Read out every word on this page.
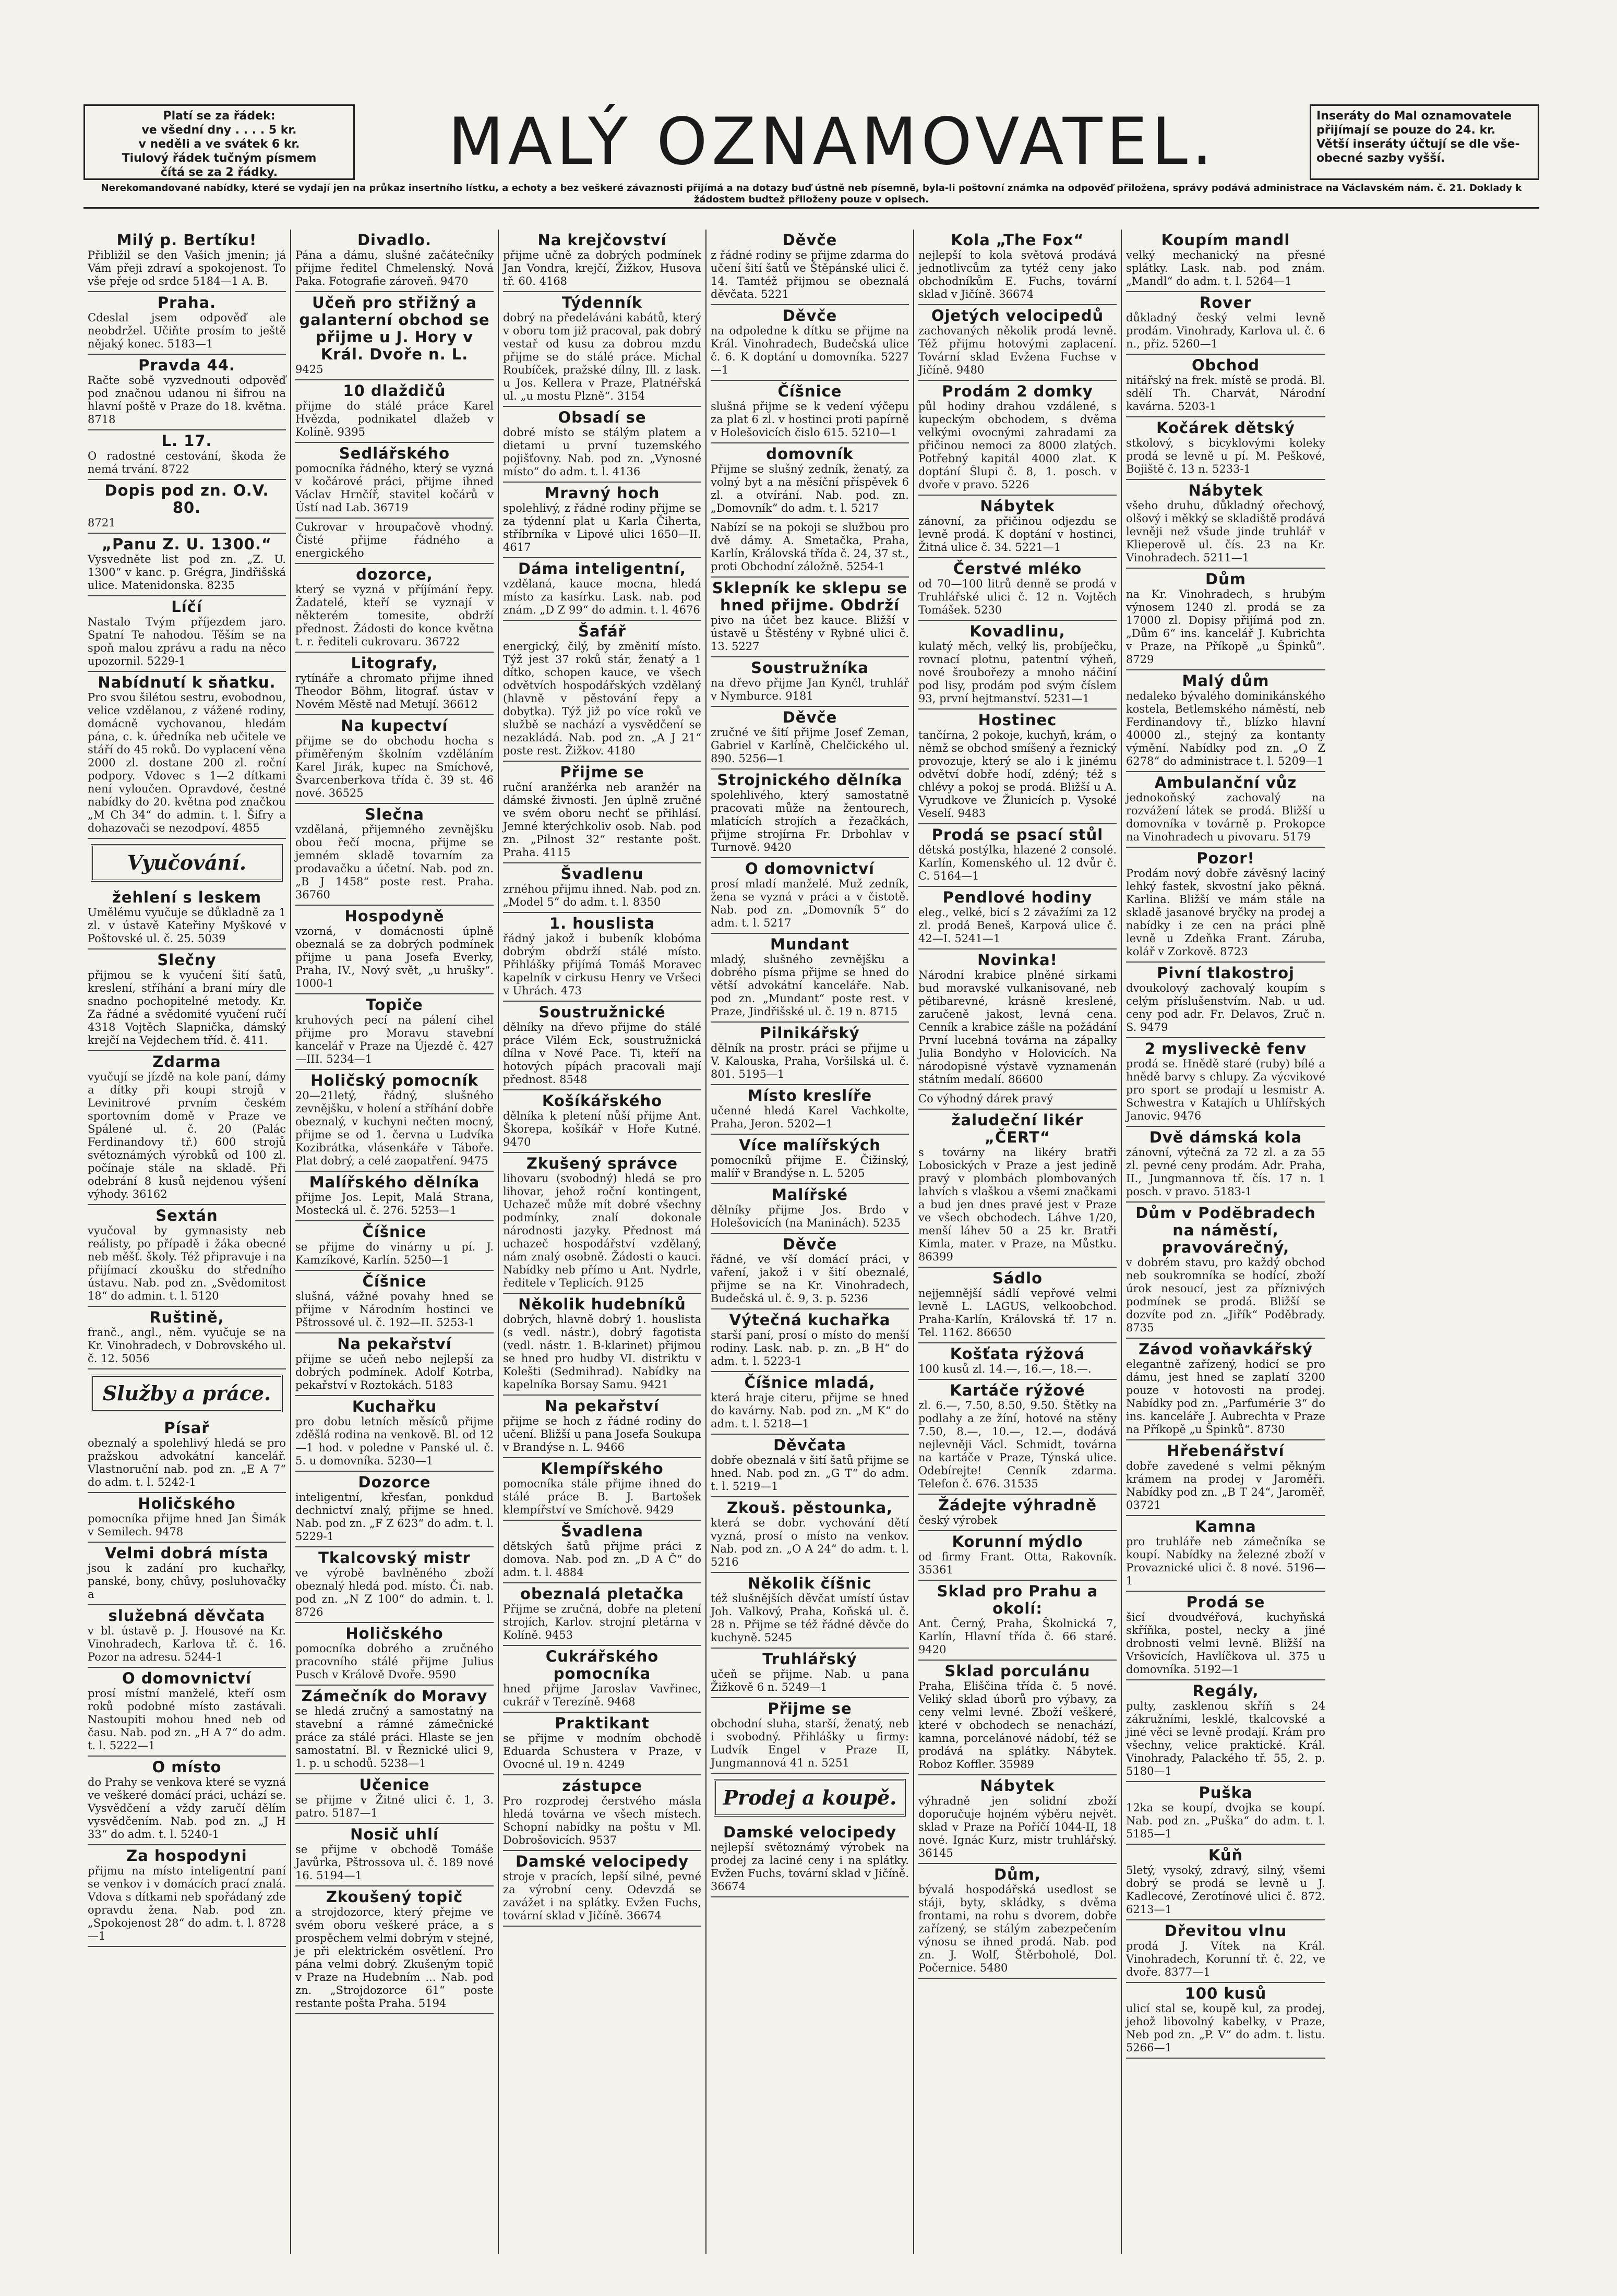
Platí se za řádek:
ve všední dny . . . . 5 kr.
v neděli a ve svátek 6 kr.
Tiulový řádek tučným písmem
čítá se za 2 řádky.	MALÝ OZNAMOVATEL.	Inseráty do Mal oznamovatele
přijímají se pouze do 24. kr.
Větší inseráty účtují se dle vše-
obecné sazby vyšší.
Nerekomandované nabídky, které se vydají jen na průkaz insertního lístku, a echoty a bez veškeré závaznosti přijímá a na dotazy buď ústně neb písemně, byla-li poštovní známka na odpověď přiložena, správy podává administrace na Václavském nám. č. 21. Doklady k žádostem budtež přiloženy pouze v opisech.
Milý p. Bertíku!
Přibližil se den Vašich jmenin; já Vám přeji zdraví a spokojenost. To vše přeje od srdce 5184—1 A. B.
Praha.
Cdeslal jsem odpověď ale neobdržel. Učiňte prosím to ještě nějaký konec. 5183—1
Pravda 44.
Račte sobě vyzvednouti odpověď pod značnou udanou ni šifrou na hlavní poště v Praze do 18. května. 8718
L. 17.
O radostné cestování, škoda že nemá trvání. 8722
Dopis pod zn. O.V. 80.
8721
„Panu Z. U. 1300.“
Vysvedněte list pod zn. „Z. U. 1300“ v kanc. p. Grégra, Jindřišská ulice. Matenidonska. 8235
Líčí
Nastalo Tvým příjezdem jaro. Spatní Te nahodou. Těším se na spoň malou zprávu a radu na něco upozornil. 5229-1
Nabídnutí k sňatku.
Pro svou šilétou sestru, evobodnou, velice vzdělanou, z vážené rodiny, domácně vychovanou, hledám pána, c. k. úředníka neb učitele ve stáří do 45 roků. Do vyplacení věna 2000 zl. dostane 200 zl. roční podpory. Vdovec s 1—2 dítkami není vyloučen. Opravdové, čestné nabídky do 20. května pod značkou „M Ch 34“ do admin. t. l. Šifry a dohazovači se nezodpoví. 4855
Vyučování.
žehlení s leskem
Umělému vyučuje se důkladně za 1 zl. v ústavě Kateřiny Myškové v Poštovské ul. č. 25. 5039
Slečny
přijmou se k vyučení šití šatů, kreslení, stříhání a braní míry dle snadno pochopitelné metody. Kr. Za řádné a svědomité vyučení ručí 4318 Vojtěch Slapnička, dámský krejčí na Vejdechem tříd. č. 411.
Zdarma
vyučují se jízdě na kole paní, dámy a dítky při koupi strojů v Levinitrové prvním českém sportovním domě v Praze ve Spálené ul. č. 20 (Palác Ferdinandovy tř.) 600 strojů světoznámých výrobků od 100 zl. počínaje stále na skladě. Při odebrání 8 kusů nejdenou výšení výhody. 36162
Sextán
vyučoval by gymnasisty neb reálisty, po případě i žáka obecné neb měšť. školy. Též připravuje i na přijímací zkoušku do středního ústavu. Nab. pod zn. „Svědomitost 18“ do admin. t. l. 5120
Ruštině,
franč., angl., něm. vyučuje se na Kr. Vinohradech, v Dobrovského ul. č. 12. 5056
Služby a práce.
Písař
obeznalý a spolehlivý hledá se pro pražskou advokátní kancelář. Vlastnoruční nab. pod zn. „E A 7“ do adm. t. l. 5242-1
Holičského
pomocníka přijme hned Jan Šimák v Semilech. 9478
Velmi dobrá místa
jsou k zadání pro kuchařky, panské, bony, chůvy, posluhovačky a
služebná děvčata
v bl. ústavě p. J. Housové na Kr. Vinohradech, Karlova tř. č. 16. Pozor na adresu. 5244-1
O domovnictví
prosí místní manželé, kteří osm roků podobné místo zastávali. Nastoupiti mohou hned neb od času. Nab. pod zn. „H A 7“ do adm. t. l. 5222—1
O místo
do Prahy se venkova které se vyzná ve veškeré domácí práci, uchází se. Vysvědčení a vždy zaručí dělím vysvědčením. Nab. pod zn. „J H 33“ do adm. t. l. 5240-1
Za hospodyni
přijmu na místo inteligentní paní se venkov i v domácích prací znalá. Vdova s dítkami neb spořádaný zde opravdu žena. Nab. pod zn. „Spokojenost 28“ do adm. t. l. 8728—1
Divadlo.
Pána a dámu, slušné začátečníky přijme ředitel Chmelenský. Nová Paka. Fotografie zároveň. 9470
Učeň pro střižný a galanterní obchod se přijme u J. Hory v Král. Dvoře n. L.
9425
10 dlaždičů
přijme do stálé práce Karel Hvězda, podnikatel dlažeb v Kolíně. 9395
Sedlářského
pomocníka řádného, který se vyzná v kočárové práci, přijme ihned Václav Hrnčíř, stavitel kočárů v Ústí nad Lab. 36719
Cukrovar v hroupačově vhodný. Čisté přijme řádného a energického
dozorce,
který se vyzná v příjímání řepy. Žadatelé, kteří se vyznají v některém tomesite, obdrží přednost. Žádosti do konce května t. r. řediteli cukrovaru. 36722
Litografy,
rytínáře a chromato přijme ihned Theodor Böhm, litograf. ústav v Novém Městě nad Metují. 36612
Na kupectví
přijme se do obchodu hocha s přiměřeným školním vzděláním Karel Jirák, kupec na Smíchově, Švarcenberkova třída č. 39 st. 46 nové. 36525
Slečna
vzdělaná, přijemného zevnějšku obou řečí mocna, přijme se jemném skladě tovarním za prodavačku a účetní. Nab. pod zn. „B J 1458“ poste rest. Praha. 36760
Hospodyně
vzorná, v domácnosti úplně obeznalá se za dobrých podmínek přijme u pana Josefa Everky, Praha, IV., Nový svět, „u hrušky“. 1000-1
Topiče
kruhových pecí na pálení cihel přijme pro Moravu stavební kancelář v Praze na Újezdě č. 427—III. 5234—1
Holičský pomocník
20—21letý, řádný, slušného zevnějšku, v holení a stříhání dobře obeznalý, v kuchyni nečten mocný, přijme se od 1. června u Ludvíka Kozibrátka, vlásenkáře v Táboře. Plat dobrý, a celé zaopatření. 9475
Malířského dělníka
přijme Jos. Lepit, Malá Strana, Mostecká ul. č. 276. 5253—1
Číšnice
se přijme do vinárny u pí. J. Kamzíkové, Karlín. 5250—1
Číšnice
slušná, vážné povahy hned se přijme v Národním hostinci ve Pštrossové ul. č. 192—II. 5253-1
Na pekařství
přijme se učeň nebo nejlepší za dobrých podmínek. Adolf Kotrba, pekařství v Roztokách. 5183
Kuchařku
pro dobu letních měsíců přijme zděšlá rodina na venkově. Bl. od 12—1 hod. v poledne v Panské ul. č. 5. u domovníka. 5230—1
Dozorce
inteligentní, křesťan, ponkdud dechnictví znalý, přijme se hned. Nab. pod zn. „F Z 623“ do adm. t. l. 5229-1
Tkalcovský mistr
ve výrobě bavlněného zboží obeznalý hledá pod. místo. Či. nab. pod zn. „N Z 100“ do admin. t. l. 8726
Holičského
pomocníka dobrého a zručného pracovního stálé přijme Julius Pusch v Králově Dvoře. 9590
Zámečník do Moravy
se hledá zručný a samostatný na stavební a rámné zámečnické práce za stálé práci. Hlaste se jen samostatní. Bl. v Řeznické ulici 9, 1. p. u schodů. 5238—1
Učenice
se přijme v Žitné ulici č. 1, 3. patro. 5187—1
Nosič uhlí
se přijme v obchodě Tomáše Javůrka, Pštrossova ul. č. 189 nové 16. 5194—1
Zkoušený topič
a strojdozorce, který přejme ve svém oboru veškeré práce, a s prospěchem velmi dobrým v stejné, je při elektrickém osvětlení. Pro pána velmi dobrý. Zkušeným topič v Praze na Hudebním ... Nab. pod zn. „Strojdozorce 61“ poste restante pošta Praha. 5194
Na krejčovství
přijme učně za dobrých podmínek Jan Vondra, krejčí, Žižkov, Husova tř. 60. 4168
Týdenník
dobrý na předeláváni kabátů, který v oboru tom již pracoval, pak dobrý vestař od kusu za dobrou mzdu přijme se do stálé práce. Michal Roubíček, pražské dílny, Ill. z lask. u Jos. Kellera v Praze, Platnéřská ul. „u mostu Plzně“. 3154
Obsadí se
dobré místo se stálým platem a dietami u první tuzemského pojišťovny. Nab. pod zn. „Vynosné místo“ do adm. t. l. 4136
Mravný hoch
spolehlivý, z řádné rodiny přijme se za týdenní plat u Karla Čiherta, stříbrníka v Lipové ulici 1650—II. 4617
Dáma inteligentní,
vzdělaná, kauce mocna, hledá místo za kasírku. Lask. nab. pod znám. „D Z 99“ do admin. t. l. 4676
Šafář
energický, čilý, by změnití místo. Týž jest 37 roků stár, ženatý a 1 dítko, schopen kauce, ve všech odvětvích hospodářských vzdělaný (hlavně v pěstování řepy a dobytka). Týž již po více roků ve službě se nachází a vysvědčení se nezakládá. Nab. pod zn. „A J 21“ poste rest. Žižkov. 4180
Přijme se
ruční aranžérka neb aranžér na dámské živnosti. Jen úplně zručné ve svém oboru nechť se přihlásí. Jemné kterýchkoliv osob. Nab. pod zn. „Pilnost 32“ restante pošt. Praha. 4115
Švadlenu
zrnéhou přijmu ihned. Nab. pod zn. „Model 5“ do adm. t. l. 8350
1. houslista
řádný jakož i bubeník klobóma dobrým obdrží stálé místo. Přihlášky přijímá Tomáš Moravec kapelník v cirkusu Henry ve Vršeci v Uhrách. 473
Soustružnické
dělníky na dřevo přijme do stálé práce Vilém Eck, soustružnická dílna v Nové Pace. Ti, kteří na hotových pípách pracovali mají přednost. 8548
Košíkářského
dělníka k pletení nůší přijme Ant. Škorepa, košíkář v Hoře Kutné. 9470
Zkušený správce
lihovaru (svobodný) hledá se pro lihovar, jehož roční kontingent, Uchazeč může mít dobré všechny podmínky, znalí dokonale národnosti jazyky. Přednost má uchazeč hospodářství vzdělaný, nám znalý osobně. Žádosti o kauci. Nabídky neb přímo u Ant. Nydrle, ředitele v Teplicích. 9125
Několik hudebníků
dobrých, hlavně dobrý 1. houslista (s vedl. nástr.), dobrý fagotista (vedl. nástr. 1. B-klarinet) přijmou se hned pro hudby VI. distriktu v Kolešti (Sedmihrad). Nabídky na kapelníka Borsay Samu. 9421
Na pekařství
přijme se hoch z řádné rodiny do učení. Bližší u pana Josefa Soukupa v Brandýse n. L. 9466
Klempířského
pomocníka stále přijme ihned do stálé práce B. J. Bartošek klempířství ve Smíchově. 9429
Švadlena
dětských šatů přijme práci z domova. Nab. pod zn. „D A Č“ do adm. t. l. 4884
obeznalá pletačka
Přijme se zručná, dobře na pletení strojích, Karlov. strojní pletárna v Kolíně. 9453
Cukrářského pomocníka
hned přijme Jaroslav Vavřinec, cukrář v Terezíně. 9468
Praktikant
se přijme v modním obchodě Eduarda Schustera v Praze, v Ovocné ul. 19 n. 4249
zástupce
Pro rozprodej čerstvého másla hledá továrna ve všech místech. Schopní nabídky na poštu v Ml. Dobrošovicích. 9537
Damské velocipedy
stroje v pracích, lepší silné, pevné za výrobní ceny. Odevzdá se zavážet i na splátky. Evžen Fuchs, tovární sklad v Jičíně. 36674
Děvče
z řádné rodiny se přijme zdarma do učení šití šatů ve Štěpánské ulici č. 14. Tamtéž přijmou se obeznalá děvčata. 5221
Děvče
na odpoledne k dítku se přijme na Král. Vinohradech, Budečská ulice č. 6. K doptání u domovníka. 5227—1
Číšnice
slušná přijme se k vedení výčepu za plat 6 zl. v hostinci proti papírně v Holešovicích čislo 615. 5210—1
domovník
Přijme se slušný zedník, ženatý, za volný byt a na měsíční příspěvek 6 zl. a otvírání. Nab. pod. zn. „Domovník“ do adm. t. l. 5217
Nabízí se na pokoji se službou pro dvě dámy. A. Smetačka, Praha, Karlín, Královská třída č. 24, 37 st., proti Obchodní záložně. 5254-1
Sklepník ke sklepu se hned přijme. Obdrží
pivo na účet bez kauce. Bližší v ústavě u Štěstény v Rybné ulici č. 13. 5227
Soustružníka
na dřevo přijme Jan Kynčl, truhlář v Nymburce. 9181
Děvče
zručné ve šití přijme Josef Zeman, Gabriel v Karlíně, Chelčického ul. 890. 5256—1
Strojnického dělníka
spolehlivého, který samostatně pracovati může na žentourech, mlatících strojích a řezačkách, přijme strojírna Fr. Drbohlav v Turnově. 9420
O domovnictví
prosí mladí manželé. Muž zedník, žena se vyzná v práci a v čistotě. Nab. pod zn. „Domovník 5“ do adm. t. l. 5217
Mundant
mladý, slušného zevnějšku a dobrého písma přijme se hned do větší advokátní kanceláře. Nab. pod zn. „Mundant“ poste rest. v Praze, Jindřišské ul. č. 19 n. 8715
Pilnikářský
dělník na prostr. práci se přijme u V. Kalouska, Praha, Voršilská ul. č. 801. 5195—1
Místo kreslíře
učenné hledá Karel Vachkolte, Praha, Jeron. 5202—1
Více malířských
pomocníků přijme E. Čižinský, malíř v Brandýse n. L. 5205
Malířské
dělníky přijme Jos. Brdo v Holešovicích (na Maninách). 5235
Děvče
řádné, ve vší domácí práci, v vaření, jakož i v šití obeznalé, přijme se na Kr. Vinohradech, Budečská ul. č. 9, 3. p. 5236
Výtečná kuchařka
starší paní, prosí o místo do menší rodiny. Lask. nab. p. zn. „B H“ do adm. t. l. 5223-1
Číšnice mladá,
která hraje citeru, přijme se hned do kavárny. Nab. pod zn. „M K“ do adm. t. l. 5218—1
Děvčata
dobře obeznalá v šití šatů přijme se hned. Nab. pod zn. „G T“ do adm. t. l. 5219—1
Zkouš. pěstounka,
která se dobr. vychování dětí vyzná, prosí o místo na venkov. Nab. pod zn. „O A 24“ do adm. t. l. 5216
Několik číšnic
též slušnějších děvčat umístí ústav Joh. Valkový, Praha, Koňská ul. č. 28 n. Přijme se též řádné děvče do kuchyně. 5245
Truhlářský
učeň se přijme. Nab. u pana Žižkově 6 n. 5249—1
Přijme se
obchodní sluha, starší, ženatý, neb i svobodný. Přihlášky u firmy: Ludvík Engel v Praze II, Jungmannová 41 n. 5251
Prodej a koupě.
Damské velocipedy
nejlepší světoznámý výrobek na prodej za laciné ceny i na splátky. Evžen Fuchs, tovární sklad v Jičíně. 36674
Kola „The Fox“
nejlepší to kola světová prodává jednotlivcům za tytéž ceny jako obchodníkům E. Fuchs, tovární sklad v Jičíně. 36674
Ojetých velocipedů
zachovaných několik prodá levně. Též přijmu hotovými zaplacení. Tovární sklad Evžena Fuchse v Jičíně. 9480
Prodám 2 domky
půl hodiny drahou vzdálené, s kupeckým obchodem, s dvěma velkými ovocnými zahradami za přičinou nemoci za 8000 zlatých. Potřebný kapitál 4000 zlat. K doptání Šlupi č. 8, 1. posch. v dvoře v pravo. 5226
Nábytek
zánovní, za přičinou odjezdu se levně prodá. K doptání v hostinci, Žitná ulice č. 34. 5221—1
Čerstvé mléko
od 70—100 litrů denně se prodá v Truhlářské ulici č. 12 n. Vojtěch Tomášek. 5230
Kovadlinu,
kulatý měch, velký lis, probíječku, rovnací plotnu, patentní výheň, nové šroubořezy a mnoho náčiní pod lisy, prodám pod svým číslem 93, první hejtmanství. 5231—1
Hostinec
tančírna, 2 pokoje, kuchyň, krám, o němž se obchod smíšený a řeznický provozuje, který se alo i k jinému odvětví dobře hodí, zdéný; též s chlévy a pokoj se prodá. Bližší u A. Vyrudkove ve Žlunicích p. Vysoké Veselí. 9483
Prodá se psací stůl
dětská postýlka, hlazené 2 consolé. Karlín, Komenského ul. 12 dvůr č. C. 5164—1
Pendlové hodiny
eleg., velké, bicí s 2 závažími za 12 zl. prodá Beneš, Karpová ulice č. 42—I. 5241—1
Novinka!
Národní krabice plněné sirkami bud moravské vulkanisované, neb pětibarevné, krásně kreslené, zaručeně jakost, levná cena. Cenník a krabice zášle na požádání První lucebná továrna na zápalky Julia Bondyho v Holovicích. Na národopisné výstavě vyznamenán státním medalí. 86600
Co výhodný dárek pravý
žaludeční likér „ČERT“
s továrny na likéry bratři Lobosických v Praze a jest jedině pravý v plombách plombovaných lahvích s vlaškou a všemi značkami a bud jen dnes pravé jest v Praze ve všech obchodech. Láhve 1/20, menší láhev 50 a 25 kr. Bratři Kimla, mater. v Praze, na Můstku. 86399
Sádlo
nejjemnější sádlí vepřové velmi levně L. LAGUS, velkoobchod. Praha-Karlín, Královská tř. 17 n. Tel. 1162. 86650
Košťata rýžová
100 kusů zl. 14.—, 16.—, 18.—.
Kartáče rýžové
zl. 6.—, 7.50, 8.50, 9.50. Štětky na podlahy a ze žíní, hotové na stěny 7.50, 8.—, 10.—, 12.—, dodává nejlevněji Václ. Schmidt, továrna na kartáče v Praze, Týnská ulice. Odebírejte! Cenník zdarma. Telefon č. 676. 31535
Žádejte výhradně
český výrobek
Korunní mýdlo
od firmy Frant. Otta, Rakovník. 35361
Sklad pro Prahu a okolí:
Ant. Černý, Praha, Školnická 7, Karlín, Hlavní třída č. 66 staré. 9420
Sklad porculánu
Praha, Eliščina třída č. 5 nové. Veliký sklad úborů pro výbavy, za ceny velmi levné. Zboží veškeré, které v obchodech se nenachází, kamna, porcelánové nádobí, též se prodává na splátky. Nábytek. Roboz Koffler. 35989
Nábytek
výhradně jen solidní zboží doporučuje hojném výběru největ. sklad v Praze na Poříčí 1044-II, 18 nové. Ignác Kurz, mistr truhlářský. 36145
Dům,
bývalá hospodářská usedlost se stáji, byty, skládky, s dvěma frontami, na rohu s dvorem, dobře zařízený, se stálým zabezpečením výnosu se ihned prodá. Nab. pod zn. J. Wolf, Štěrboholé, Dol. Počernice. 5480
Koupím mandl
velký mechanický na přesné splátky. Lask. nab. pod znám. „Mandl“ do adm. t. l. 5264—1
Rover
důkladný český velmi levně prodám. Vinohrady, Karlova ul. č. 6 n., přiz. 5260—1
Obchod
nitářský na frek. místě se prodá. Bl. sdělí Th. Charvát, Národní kavárna. 5203-1
Kočárek dětský
stkolový, s bicyklovými koleky prodá se levně u pí. M. Peškové, Bojiště č. 13 n. 5233-1
Nábytek
všeho druhu, důkladný ořechový, olšový i měkký se skladiště prodává levněji než všude jinde truhlář v Klieperově ul. čís. 23 na Kr. Vinohradech. 5211—1
Dům
na Kr. Vinohradech, s hrubým výnosem 1240 zl. prodá se za 17000 zl. Dopisy přijímá pod zn. „Dům 6“ ins. kancelář J. Kubrichta v Praze, na Příkopě „u Špinků“. 8729
Malý dům
nedaleko bývalého dominikánského kostela, Betlemského náměstí, neb Ferdinandovy tř., blízko hlavní 40000 zl., stejný za kontanty výmění. Nabídky pod zn. „O Z 6278“ do administrace t. l. 5209—1
Ambulanční vůz
jednokoňský zachovalý na rozvážení látek se prodá. Bližší u domovníka v továrně p. Prokopce na Vinohradech u pivovaru. 5179
Pozor!
Prodám nový dobře závěsný laciný lehký fastek, skvostní jako pěkná. Karlina. Bližší ve mám stále na skladě jasanové bryčky na prodej a nabídky i ze cen na práci plně levně u Zdeňka Frant. Záruba, kolář v Zorkově. 8723
Pivní tlakostroj
dvoukolový zachovalý koupím s celým příslušenstvím. Nab. u ud. ceny pod adr. Fr. Delavos, Zruč n. S. 9479
2 mysliveckė fenv
prodá se. Hnědě staré (ruby) bílé a hnědě barvy s chlupy. Za výcvikové pro sport se prodají u lesmistr A. Schwestra v Katajích u Uhlířských Janovic. 9476
Dvě dámská kola
zánovní, výtečná za 72 zl. a za 55 zl. pevné ceny prodám. Adr. Praha, II., Jungmannova tř. čís. 17 n. 1 posch. v pravo. 5183-1
Dům v Podĕbradech na náměstí, pravovárečný,
v dobrém stavu, pro každý obchod neb soukromníka se hodící, zboží úrok nesoucí, jest za příznivých podmínek se prodá. Bližší se dozvíte pod zn. „Jiřík“ Poděbrady. 8735
Závod voňavkářský
elegantně zařízený, hodicí se pro dámu, jest hned se zaplatí 3200 pouze v hotovosti na prodej. Nabídky pod zn. „Parfumérie 3“ do ins. kanceláře J. Aubrechta v Praze na Příkopě „u Špinků“. 8730
Hřebenářství
dobře zavedené s velmi pěkným krámem na prodej v Jaroměři. Nabídky pod zn. „B T 24“, Jaroměř. 03721
Kamna
pro truhláře neb zámečníka se koupí. Nabídky na železné zboží v Provaznické ulici č. 8 nové. 5196—1
Prodá se
šicí dvoudvéřová, kuchyňská skříňka, postel, necky a jiné drobnosti velmi levně. Bližší na Vršovicích, Havlíčkova ul. 375 u domovníka. 5192—1
Regály,
pulty, zasklenou skříň s 24 zákružními, lesklé, tkalcovské a jiné věci se levně prodají. Krám pro všechny, velice praktické. Král. Vinohrady, Palackého tř. 55, 2. p. 5180—1
Puška
12ka se koupí, dvojka se koupí. Nab. pod zn. „Puška“ do adm. t. l. 5185—1
Kůň
5letý, vysoký, zdravý, silný, všemi dobrý se prodá se levně u J. Kadlecové, Zerotínové ulici č. 872. 6213—1
Dřevitou vlnu
prodá J. Vítek na Král. Vinohradech, Korunní tř. č. 22, ve dvoře. 8377—1
100 kusů
ulicí stal se, koupě kul, za prodej, jehož libovolný kabelky, v Praze, Neb pod zn. „P. V“ do adm. t. listu. 5266—1
